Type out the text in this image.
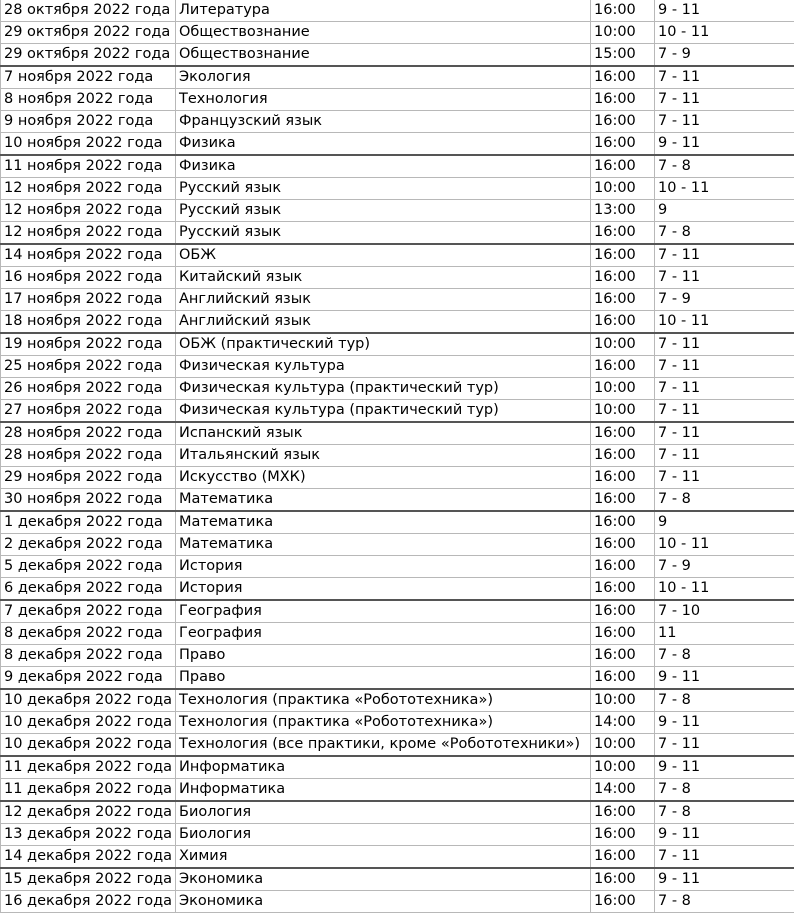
28 октября 2022 года	Литература	16:00	9 - 11
29 октября 2022 года	Обществознание	10:00	10 - 11
29 октября 2022 года	Обществознание	15:00	7 - 9
7 ноября 2022 года	Экология	16:00	7 - 11
8 ноября 2022 года	Технология	16:00	7 - 11
9 ноября 2022 года	Французский язык	16:00	7 - 11
10 ноября 2022 года	Физика	16:00	9 - 11
11 ноября 2022 года	Физика	16:00	7 - 8
12 ноября 2022 года	Русский язык	10:00	10 - 11
12 ноября 2022 года	Русский язык	13:00	9
12 ноября 2022 года	Русский язык	16:00	7 - 8
14 ноября 2022 года	ОБЖ	16:00	7 - 11
16 ноября 2022 года	Китайский язык	16:00	7 - 11
17 ноября 2022 года	Английский язык	16:00	7 - 9
18 ноября 2022 года	Английский язык	16:00	10 - 11
19 ноября 2022 года	ОБЖ (практический тур)	10:00	7 - 11
25 ноября 2022 года	Физическая культура	16:00	7 - 11
26 ноября 2022 года	Физическая культура (практический тур)	10:00	7 - 11
27 ноября 2022 года	Физическая культура (практический тур)	10:00	7 - 11
28 ноября 2022 года	Испанский язык	16:00	7 - 11
28 ноября 2022 года	Итальянский язык	16:00	7 - 11
29 ноября 2022 года	Искусство (МХК)	16:00	7 - 11
30 ноября 2022 года	Математика	16:00	7 - 8
1 декабря 2022 года	Математика	16:00	9
2 декабря 2022 года	Математика	16:00	10 - 11
5 декабря 2022 года	История	16:00	7 - 9
6 декабря 2022 года	История	16:00	10 - 11
7 декабря 2022 года	География	16:00	7 - 10
8 декабря 2022 года	География	16:00	11
8 декабря 2022 года	Право	16:00	7 - 8
9 декабря 2022 года	Право	16:00	9 - 11
10 декабря 2022 года	Технология (практика «Робототехника»)	10:00	7 - 8
10 декабря 2022 года	Технология (практика «Робототехника»)	14:00	9 - 11
10 декабря 2022 года	Технология (все практики, кроме «Робототехники»)	10:00	7 - 11
11 декабря 2022 года	Информатика	10:00	9 - 11
11 декабря 2022 года	Информатика	14:00	7 - 8
12 декабря 2022 года	Биология	16:00	7 - 8
13 декабря 2022 года	Биология	16:00	9 - 11
14 декабря 2022 года	Химия	16:00	7 - 11
15 декабря 2022 года	Экономика	16:00	9 - 11
16 декабря 2022 года	Экономика	16:00	7 - 8
